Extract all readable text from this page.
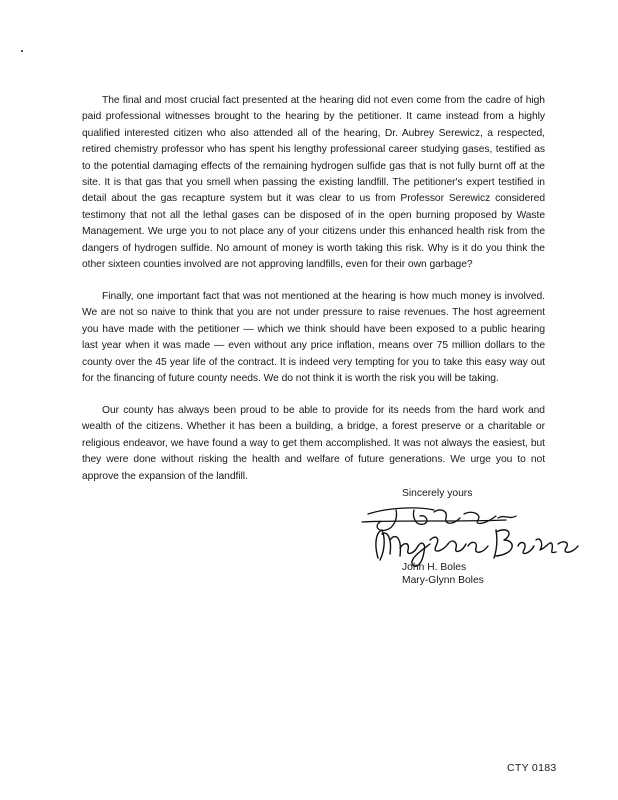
The final and most crucial fact presented at the hearing did not even come from the cadre of high paid professional witnesses brought to the hearing by the petitioner. It came instead from a highly qualified interested citizen who also attended all of the hearing, Dr. Aubrey Serewicz, a respected, retired chemistry professor who has spent his lengthy professional career studying gases, testified as to the potential damaging effects of the remaining hydrogen sulfide gas that is not fully burnt off at the site. It is that gas that you smell when passing the existing landfill. The petitioner's expert testified in detail about the gas recapture system but it was clear to us from Professor Serewicz considered testimony that not all the lethal gases can be disposed of in the open burning proposed by Waste Management. We urge you to not place any of your citizens under this enhanced health risk from the dangers of hydrogen sulfide. No amount of money is worth taking this risk. Why is it do you think the other sixteen counties involved are not approving landfills, even for their own garbage?

Finally, one important fact that was not mentioned at the hearing is how much money is involved. We are not so naive to think that you are not under pressure to raise revenues. The host agreement you have made with the petitioner — which we think should have been exposed to a public hearing last year when it was made — even without any price inflation, means over 75 million dollars to the county over the 45 year life of the contract. It is indeed very tempting for you to take this easy way out for the financing of future county needs. We do not think it is worth the risk you will be taking.

Our county has always been proud to be able to provide for its needs from the hard work and wealth of the citizens. Whether it has been a building, a bridge, a forest preserve or a charitable or religious endeavor, we have found a way to get them accomplished. It was not always the easiest, but they were done without risking the health and welfare of future generations. We urge you to not approve the expansion of the landfill.

Sincerely yours
John H. Boles
Mary-Glynn Boles
CTY 0183
